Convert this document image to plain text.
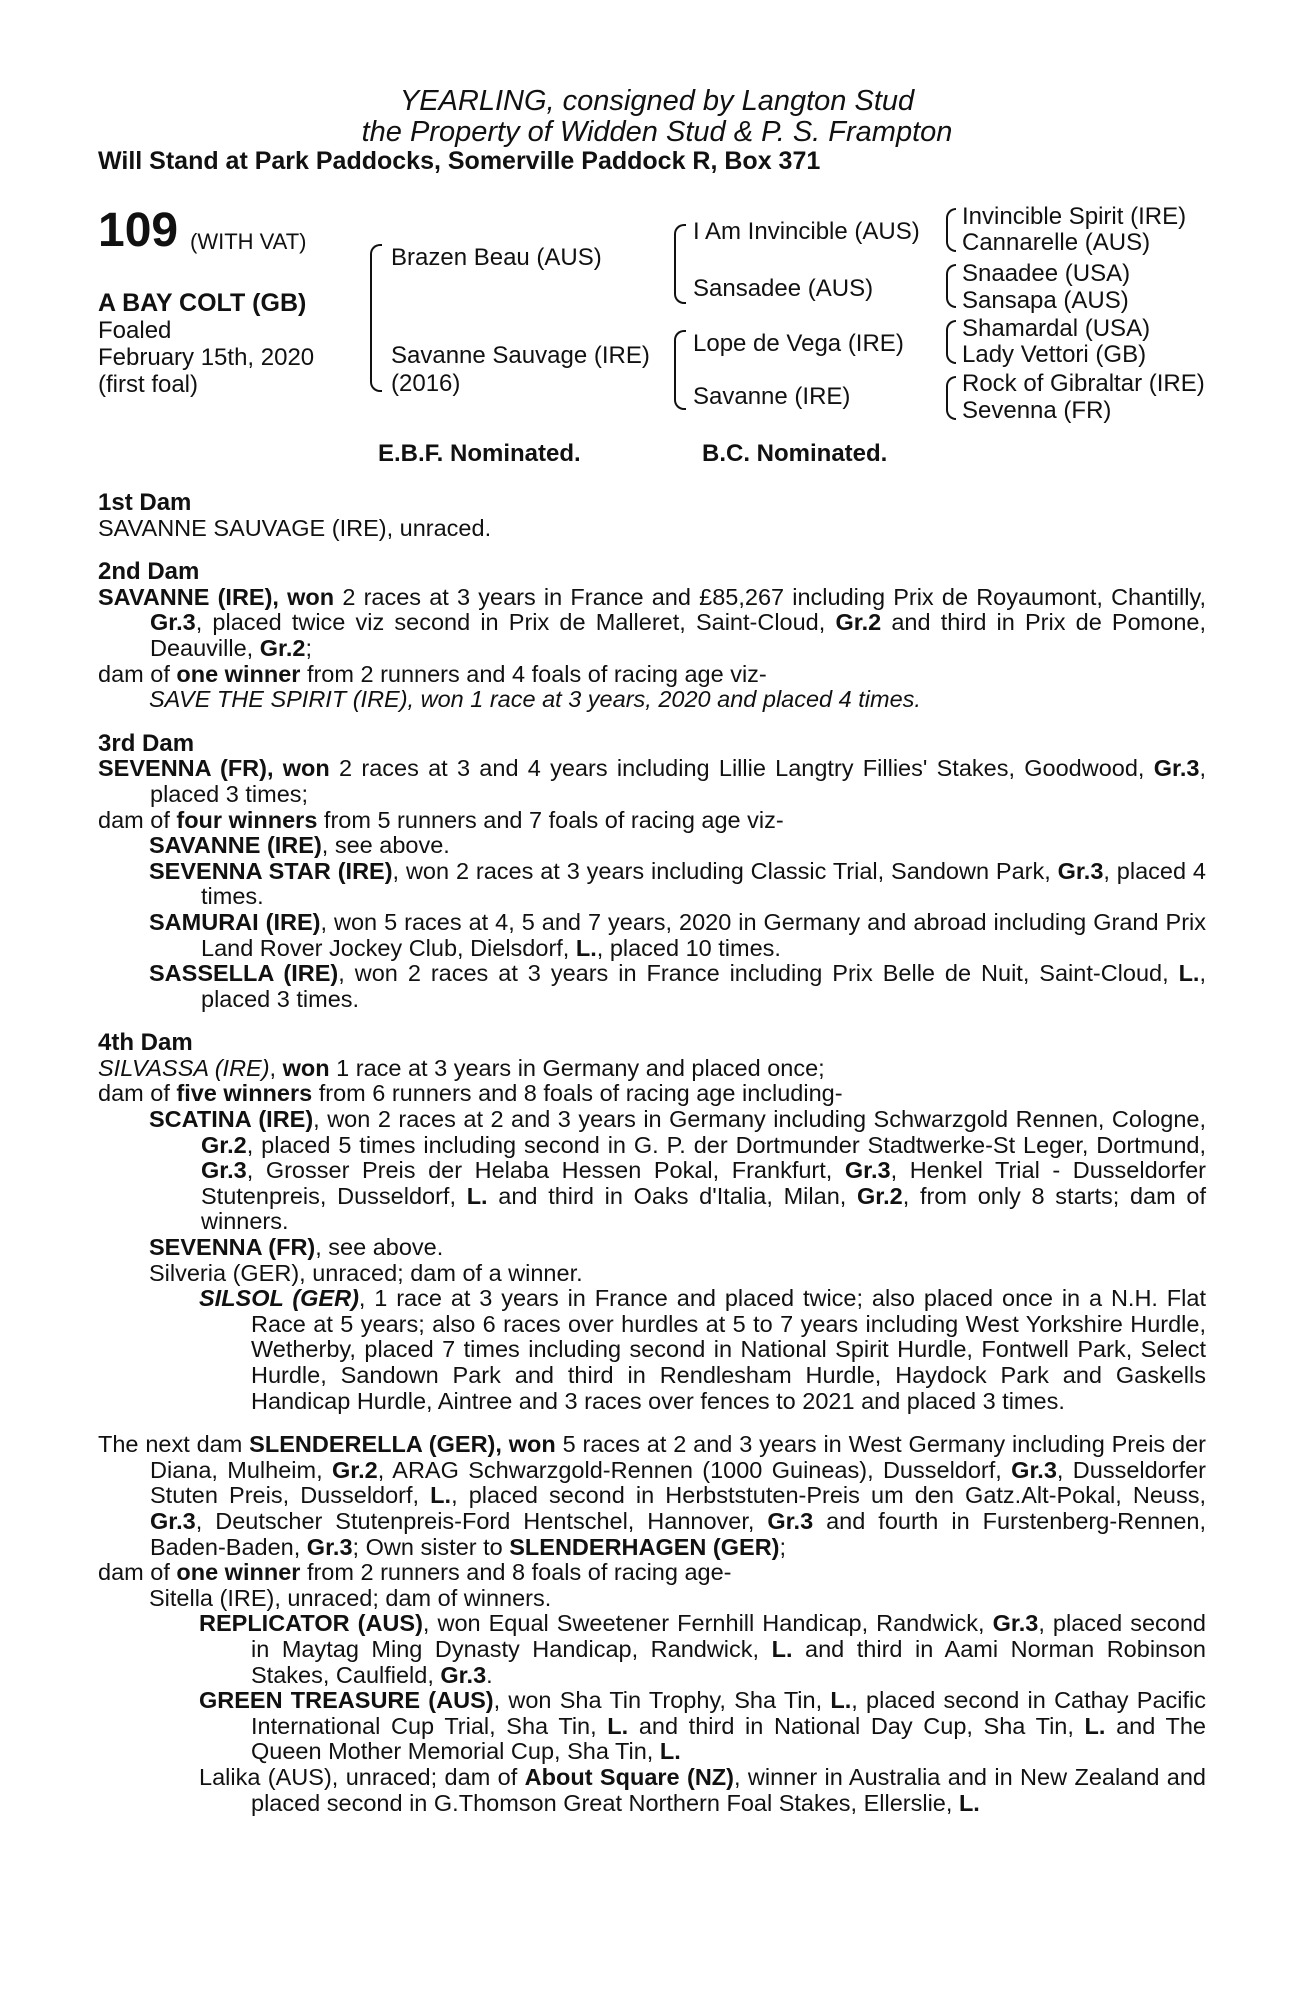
YEARLING, consigned by Langton Stud
the Property of Widden Stud & P. S. Frampton
Will Stand at Park Paddocks, Somerville Paddock R, Box 371
109 (WITH VAT)
A BAY COLT (GB)
Foaled
February 15th, 2020
(first foal)
Brazen Beau (AUS)
Savanne Sauvage (IRE)
(2016)
I Am Invincible (AUS)
Sansadee (AUS)
Lope de Vega (IRE)
Savanne (IRE)
Invincible Spirit (IRE)
Cannarelle (AUS)
Snaadee (USA)
Sansapa (AUS)
Shamardal (USA)
Lady Vettori (GB)
Rock of Gibraltar (IRE)
Sevenna (FR)
E.B.F. Nominated.	B.C. Nominated.
1st Dam
SAVANNE SAUVAGE (IRE), unraced.
2nd Dam
SAVANNE (IRE), won 2 races at 3 years in France and £85,267 including Prix de Royaumont, Chantilly, Gr.3, placed twice viz second in Prix de Malleret, Saint-Cloud, Gr.2 and third in Prix de Pomone, Deauville, Gr.2;
dam of one winner from 2 runners and 4 foals of racing age viz-
SAVE THE SPIRIT (IRE), won 1 race at 3 years, 2020 and placed 4 times.
3rd Dam
SEVENNA (FR), won 2 races at 3 and 4 years including Lillie Langtry Fillies' Stakes, Goodwood, Gr.3, placed 3 times;
dam of four winners from 5 runners and 7 foals of racing age viz-
SAVANNE (IRE), see above.
SEVENNA STAR (IRE), won 2 races at 3 years including Classic Trial, Sandown Park, Gr.3, placed 4 times.
SAMURAI (IRE), won 5 races at 4, 5 and 7 years, 2020 in Germany and abroad including Grand Prix Land Rover Jockey Club, Dielsdorf, L., placed 10 times.
SASSELLA (IRE), won 2 races at 3 years in France including Prix Belle de Nuit, Saint-Cloud, L., placed 3 times.
4th Dam
SILVASSA (IRE), won 1 race at 3 years in Germany and placed once;
dam of five winners from 6 runners and 8 foals of racing age including-
SCATINA (IRE), won 2 races at 2 and 3 years in Germany including Schwarzgold Rennen, Cologne, Gr.2, placed 5 times including second in G. P. der Dortmunder Stadtwerke-St Leger, Dortmund, Gr.3, Grosser Preis der Helaba Hessen Pokal, Frankfurt, Gr.3, Henkel Trial - Dusseldorfer Stutenpreis, Dusseldorf, L. and third in Oaks d'Italia, Milan, Gr.2, from only 8 starts; dam of winners.
SEVENNA (FR), see above.
Silveria (GER), unraced; dam of a winner.
SILSOL (GER), 1 race at 3 years in France and placed twice; also placed once in a N.H. Flat Race at 5 years; also 6 races over hurdles at 5 to 7 years including West Yorkshire Hurdle, Wetherby, placed 7 times including second in National Spirit Hurdle, Fontwell Park, Select Hurdle, Sandown Park and third in Rendlesham Hurdle, Haydock Park and Gaskells Handicap Hurdle, Aintree and 3 races over fences to 2021 and placed 3 times.
The next dam SLENDERELLA (GER), won 5 races at 2 and 3 years in West Germany including Preis der Diana, Mulheim, Gr.2, ARAG Schwarzgold-Rennen (1000 Guineas), Dusseldorf, Gr.3, Dusseldorfer Stuten Preis, Dusseldorf, L., placed second in Herbststuten-Preis um den Gatz.Alt-Pokal, Neuss, Gr.3, Deutscher Stutenpreis-Ford Hentschel, Hannover, Gr.3 and fourth in Furstenberg-Rennen, Baden-Baden, Gr.3; Own sister to SLENDERHAGEN (GER);
dam of one winner from 2 runners and 8 foals of racing age-
Sitella (IRE), unraced; dam of winners.
REPLICATOR (AUS), won Equal Sweetener Fernhill Handicap, Randwick, Gr.3, placed second in Maytag Ming Dynasty Handicap, Randwick, L. and third in Aami Norman Robinson Stakes, Caulfield, Gr.3.
GREEN TREASURE (AUS), won Sha Tin Trophy, Sha Tin, L., placed second in Cathay Pacific International Cup Trial, Sha Tin, L. and third in National Day Cup, Sha Tin, L. and The Queen Mother Memorial Cup, Sha Tin, L.
Lalika (AUS), unraced; dam of About Square (NZ), winner in Australia and in New Zealand and placed second in G.Thomson Great Northern Foal Stakes, Ellerslie, L.
